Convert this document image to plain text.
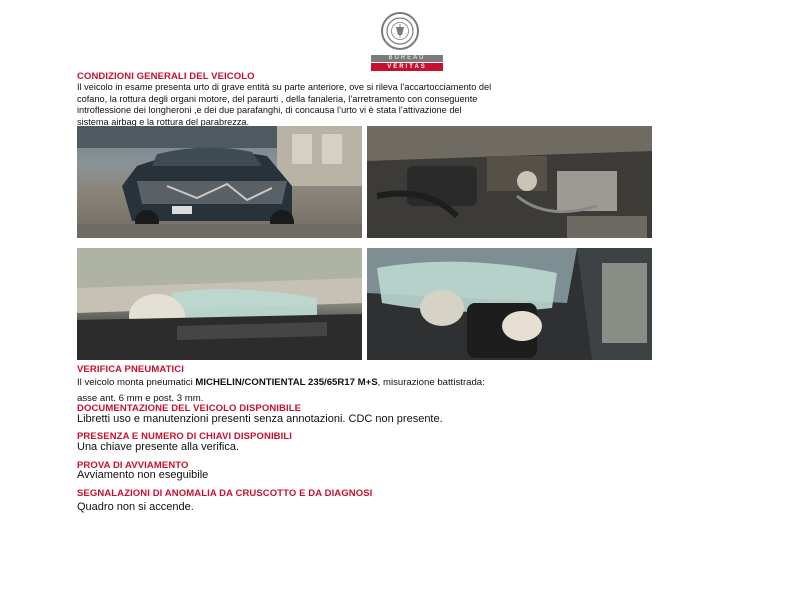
BUREAU
VERITAS
CONDIZIONI GENERALI DEL VEICOLO
Il veicolo in esame presenta urto di grave entità su parte anteriore, ove si rileva l’accartocciamento del
cofano, la rottura degli organi motore, del paraurti , della fanaleria, l’arretramento con conseguente
introflessione dei longheroni ,e dei due parafanghi, di concausa l’urto vi è stata l’attivazione del
sistema airbag e la rottura del parabrezza.
VERIFICA PNEUMATICI
Il veicolo monta pneumatici MICHELIN/CONTIENTAL 235/65R17 M+S, misurazione battistrada:
asse ant. 6 mm e post. 3 mm.
DOCUMENTAZIONE DEL VEICOLO DISPONIBILE
Libretti uso e manutenzioni presenti senza annotazioni. CDC non presente.
PRESENZA E NUMERO DI CHIAVI DISPONIBILI
Una chiave presente alla verifica.
PROVA DI AVVIAMENTO
Avviamento non eseguibile
SEGNALAZIONI DI ANOMALIA DA CRUSCOTTO E DA DIAGNOSI
Quadro non si accende.
